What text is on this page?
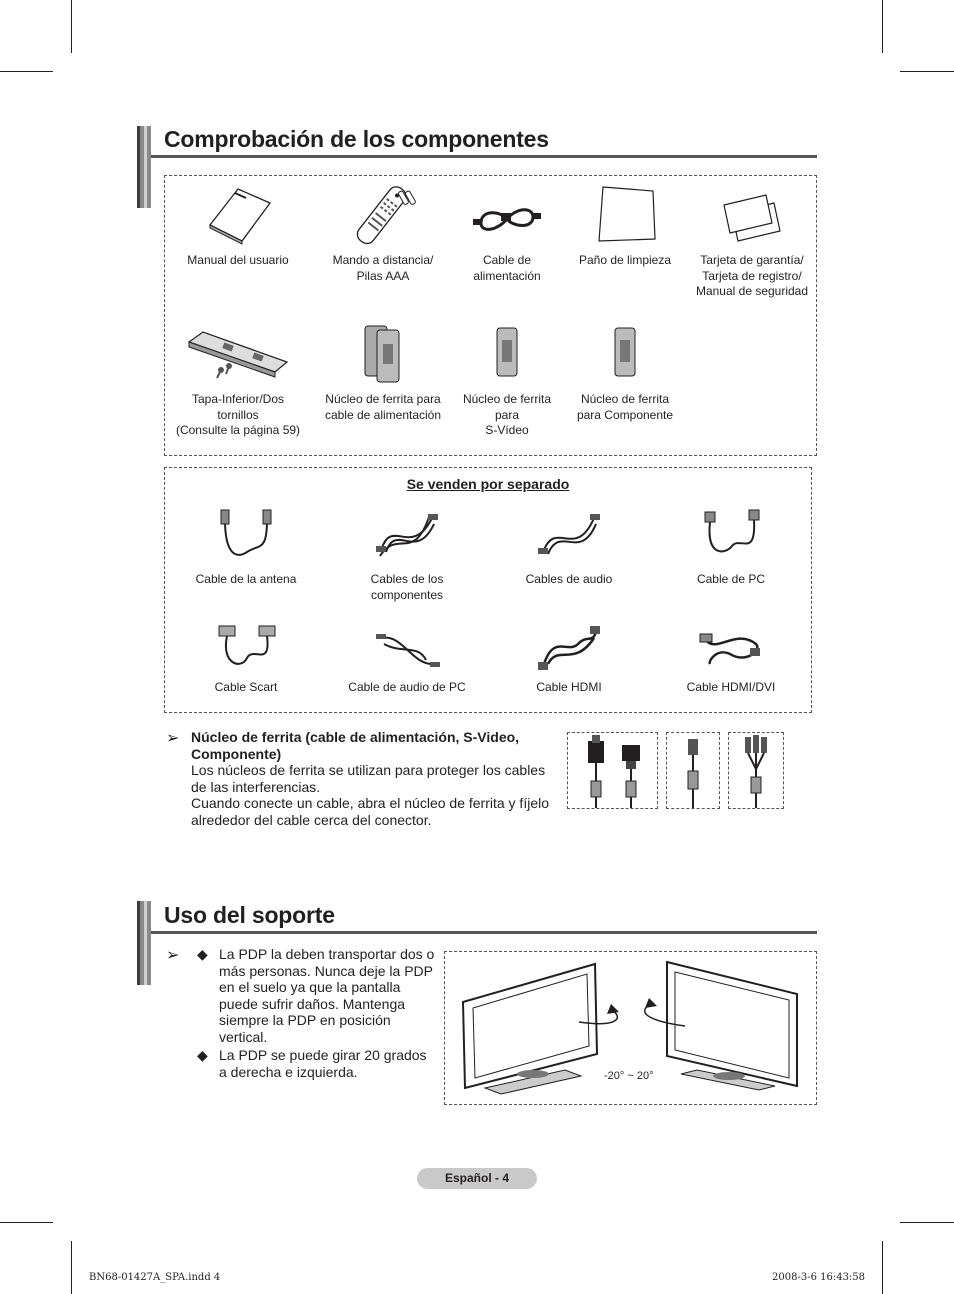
Comprobación de los componentes
Manual del usuario	Mando a distancia/
Pilas AAA
Cable de
alimentación
Paño de limpieza	Tarjeta de garantía/
Tarjeta de registro/
Manual de seguridad
Tapa-Inferior/Dos
tornillos
(Consulte la página 59)
Núcleo de ferrita para
cable de alimentación
Núcleo de ferrita
para
S-Vídeo
Núcleo de ferrita
para Componente
Se venden por separado
Cable de la antena	Cables de los
componentes
Cables de audio	Cable de PC
Cable Scart	Cable de audio de PC	Cable HDMI	Cable HDMI/DVI
➢ Núcleo de ferrita (cable de alimentación, S-Video, Componente)
Los núcleos de ferrita se utilizan para proteger los cables de las interferencias.
Cuando conecte un cable, abra el núcleo de ferrita y fíjelo alrededor del cable cerca del conector.
Uso del soporte
➢ ◆ La PDP la deben transportar dos o más personas. Nunca deje la PDP en el suelo ya que la pantalla puede sufrir daños. Mantenga siempre la PDP en posición vertical.
◆ La PDP se puede girar 20 grados a derecha e izquierda.	-20° ~ 20°
Español - 4
BN68-01427A_SPA.indd 4	2008-3-6 16:43:58
